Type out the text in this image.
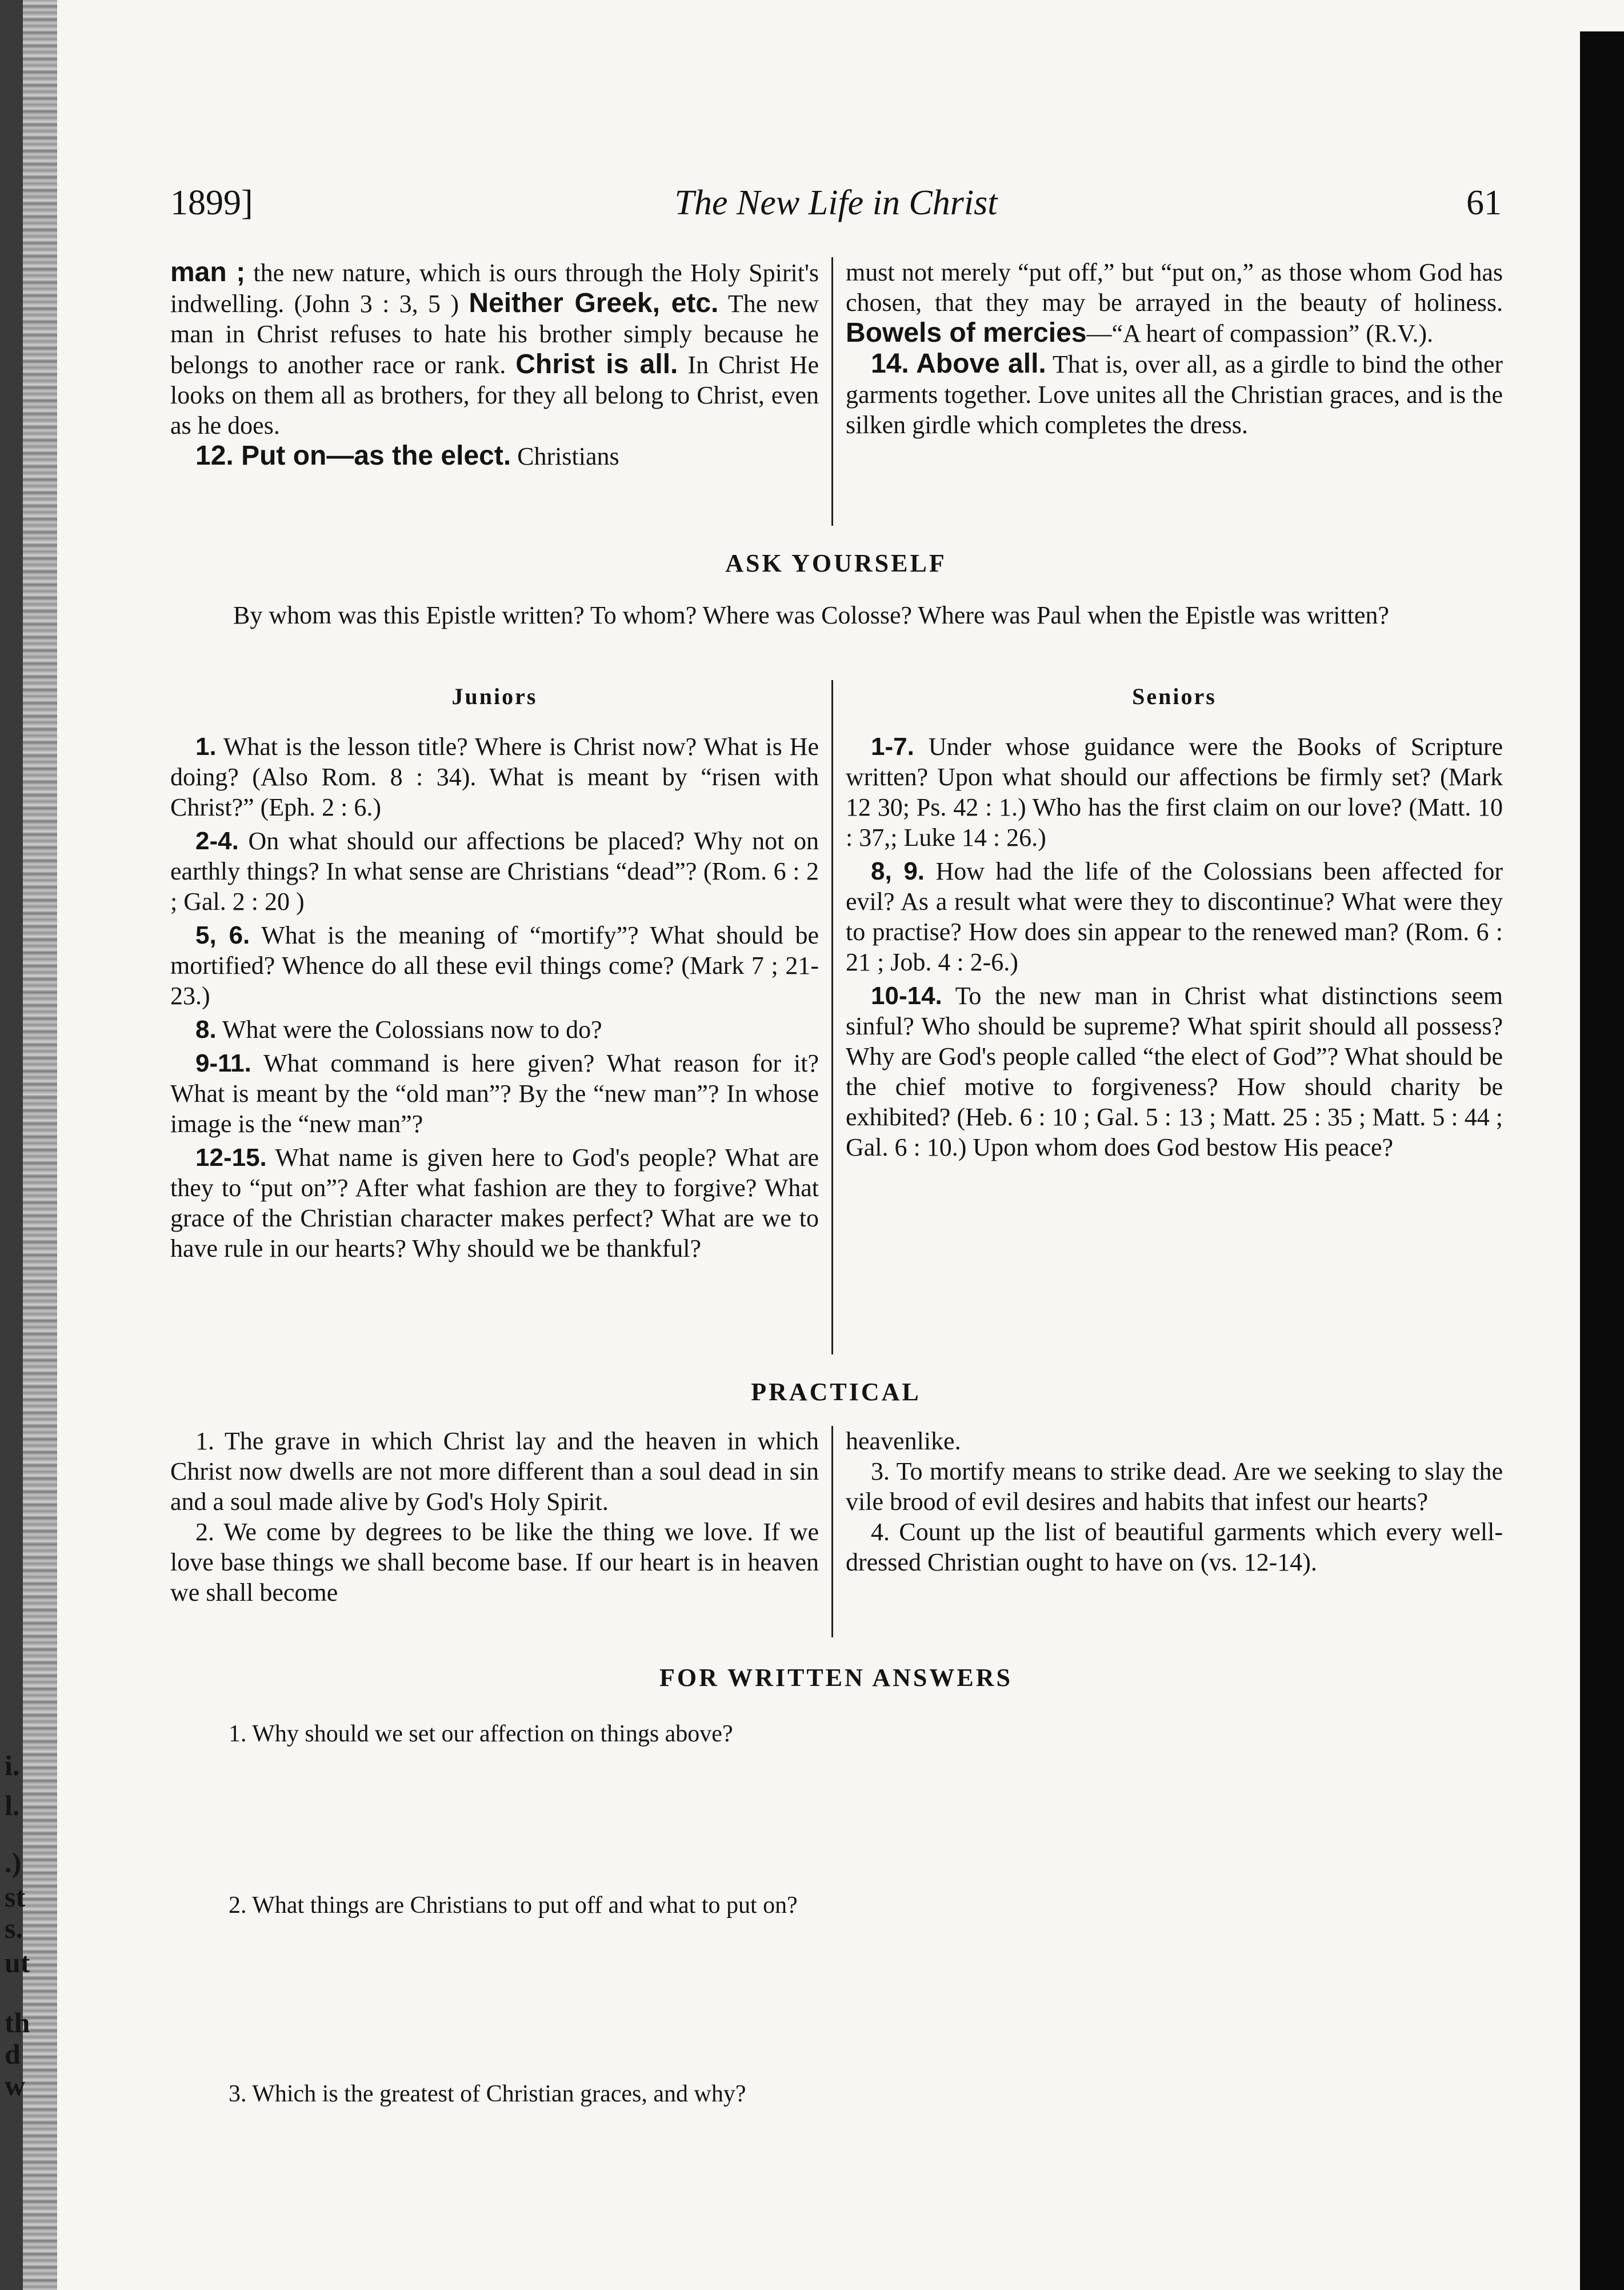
i.
l.
.)
st
s.
ut
th
d
w
1899]	The New Life in Christ	61

man ; the new nature, which is ours through the Holy Spirit's indwelling. (John 3 : 3, 5 ) Neither Greek, etc. The new man in Christ refuses to hate his brother simply because he belongs to another race or rank. Christ is all. In Christ He looks on them all as brothers, for they all belong to Christ, even as he does.

12. Put on—as the elect. Christians

must not merely “put off,” but “put on,” as those whom God has chosen, that they may be arrayed in the beauty of holiness. Bowels of mercies—“A heart of compassion” (R.V.).

14. Above all. That is, over all, as a girdle to bind the other garments together. Love unites all the Christian graces, and is the silken girdle which completes the dress.

ASK YOURSELF
By whom was this Epistle written? To whom? Where was Colosse? Where was Paul when the Epistle was written?
Juniors	Seniors

1. What is the lesson title? Where is Christ now? What is He doing? (Also Rom. 8 : 34). What is meant by “risen with Christ?” (Eph. 2 : 6.)

2-4. On what should our affections be placed? Why not on earthly things? In what sense are Christians “dead”? (Rom. 6 : 2 ; Gal. 2 : 20 )

5, 6. What is the meaning of “mortify”? What should be mortified? Whence do all these evil things come? (Mark 7 ; 21-23.)

8. What were the Colossians now to do?

9-11. What command is here given? What reason for it? What is meant by the “old man”? By the “new man”? In whose image is the “new man”?

12-15. What name is given here to God's people? What are they to “put on”? After what fashion are they to forgive? What grace of the Christian character makes perfect? What are we to have rule in our hearts? Why should we be thankful?

1-7. Under whose guidance were the Books of Scripture written? Upon what should our affections be firmly set? (Mark 12 30; Ps. 42 : 1.) Who has the first claim on our love? (Matt. 10 : 37,; Luke 14 : 26.)

8, 9. How had the life of the Colossians been affected for evil? As a result what were they to discontinue? What were they to practise? How does sin appear to the renewed man? (Rom. 6 : 21 ; Job. 4 : 2-6.)

10-14. To the new man in Christ what distinctions seem sinful? Who should be supreme? What spirit should all possess? Why are God's people called “the elect of God”? What should be the chief motive to forgiveness? How should charity be exhibited? (Heb. 6 : 10 ; Gal. 5 : 13 ; Matt. 25 : 35 ; Matt. 5 : 44 ; Gal. 6 : 10.) Upon whom does God bestow His peace?

PRACTICAL

1. The grave in which Christ lay and the heaven in which Christ now dwells are not more different than a soul dead in sin and a soul made alive by God's Holy Spirit.

2. We come by degrees to be like the thing we love. If we love base things we shall become base. If our heart is in heaven we shall become

heavenlike.

3. To mortify means to strike dead. Are we seeking to slay the vile brood of evil desires and habits that infest our hearts?

4. Count up the list of beautiful garments which every well-dressed Christian ought to have on (vs. 12-14).

FOR WRITTEN ANSWERS
1. Why should we set our affection on things above?
2. What things are Christians to put off and what to put on?
3. Which is the greatest of Christian graces, and why?
